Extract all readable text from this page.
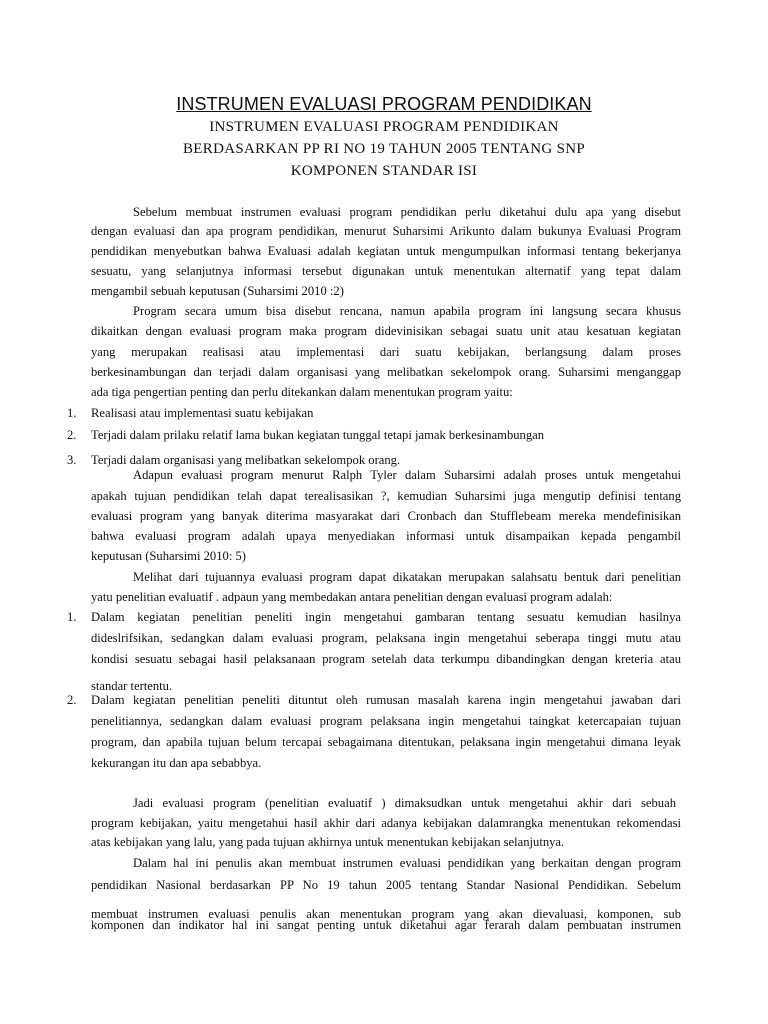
INSTRUMEN EVALUASI PROGRAM PENDIDIKAN
INSTRUMEN EVALUASI PROGRAM PENDIDIKAN
BERDASARKAN PP RI NO 19 TAHUN 2005 TENTANG SNP
KOMPONEN STANDAR ISI
Sebelum membuat instrumen evaluasi program pendidikan perlu diketahui dulu apa yang disebut
dengan evaluasi dan apa program pendidikan, menurut Suharsimi Arikunto dalam bukunya Evaluasi Program
pendidikan menyebutkan bahwa Evaluasi adalah kegiatan untuk mengumpulkan informasi tentang bekerjanya
sesuatu, yang selanjutnya informasi tersebut digunakan untuk menentukan alternatif yang tepat dalam
mengambil sebuah keputusan (Suharsimi 2010 :2)
Program secara umum bisa disebut rencana, namun apabila program ini langsung secara khusus
dikaitkan dengan evaluasi program maka program didevinisikan sebagai suatu unit atau kesatuan kegiatan
yang merupakan realisasi atau implementasi dari suatu kebijakan, berlangsung dalam proses
berkesinambungan dan terjadi dalam organisasi yang melibatkan sekelompok orang. Suharsimi menganggap
ada tiga pengertian penting dan perlu ditekankan dalam menentukan program yaitu:
1. Realisasi atau implementasi suatu kebijakan
2. Terjadi dalam prilaku relatif lama bukan kegiatan tunggal tetapi jamak berkesinambungan
3. Terjadi dalam organisasi yang melibatkan sekelompok orang.
Adapun evaluasi program menurut Ralph Tyler dalam Suharsimi adalah proses untuk mengetahui
apakah tujuan pendidikan telah dapat terealisasikan ?, kemudian Suharsimi juga mengutip definisi tentang
evaluasi program yang banyak diterima masyarakat dari Cronbach dan Stufflebeam mereka mendefinisikan
bahwa evaluasi program adalah upaya menyediakan informasi untuk disampaikan kepada pengambil
keputusan (Suharsimi 2010: 5)
Melihat dari tujuannya evaluasi program dapat dikatakan merupakan salahsatu bentuk dari penelitian
yatu penelitian evaluatif . adpaun yang membedakan antara penelitian dengan evaluasi program adalah:
1. Dalam kegiatan penelitian peneliti ingin mengetahui gambaran tentang sesuatu kemudian hasilnya
dideslrifsikan, sedangkan dalam evaluasi program, pelaksana ingin mengetahui seberapa tinggi mutu atau
kondisi sesuatu sebagai hasil pelaksanaan program setelah data terkumpu dibandingkan dengan kreteria atau
standar tertentu.
2. Dalam kegiatan penelitian peneliti dituntut oleh rumusan masalah karena ingin mengetahui jawaban dari
penelitiannya, sedangkan dalam evaluasi program pelaksana ingin mengetahui taingkat ketercapaian tujuan
program, dan apabila tujuan belum tercapai sebagaimana ditentukan, pelaksana ingin mengetahui dimana leyak
kekurangan itu dan apa sebabbya.
Jadi evaluasi program (penelitian evaluatif ) dimaksudkan untuk mengetahui akhir dari sebuah
program kebijakan, yaitu mengetahui hasil akhir dari adanya kebijakan dalamrangka menentukan rekomendasi
atas kebijakan yang lalu, yang pada tujuan akhirnya untuk menentukan kebijakan selanjutnya.
Dalam hal ini penulis akan membuat instrumen evaluasi pendidikan yang berkaitan dengan program
pendidikan Nasional berdasarkan PP No 19 tahun 2005 tentang Standar Nasional Pendidikan. Sebelum
membuat instrumen evaluasi penulis akan menentukan program yang akan dievaluasi, komponen, sub
komponen dan indikator hal ini sangat penting untuk diketahui agar ferarah dalam pembuatan instrumen
